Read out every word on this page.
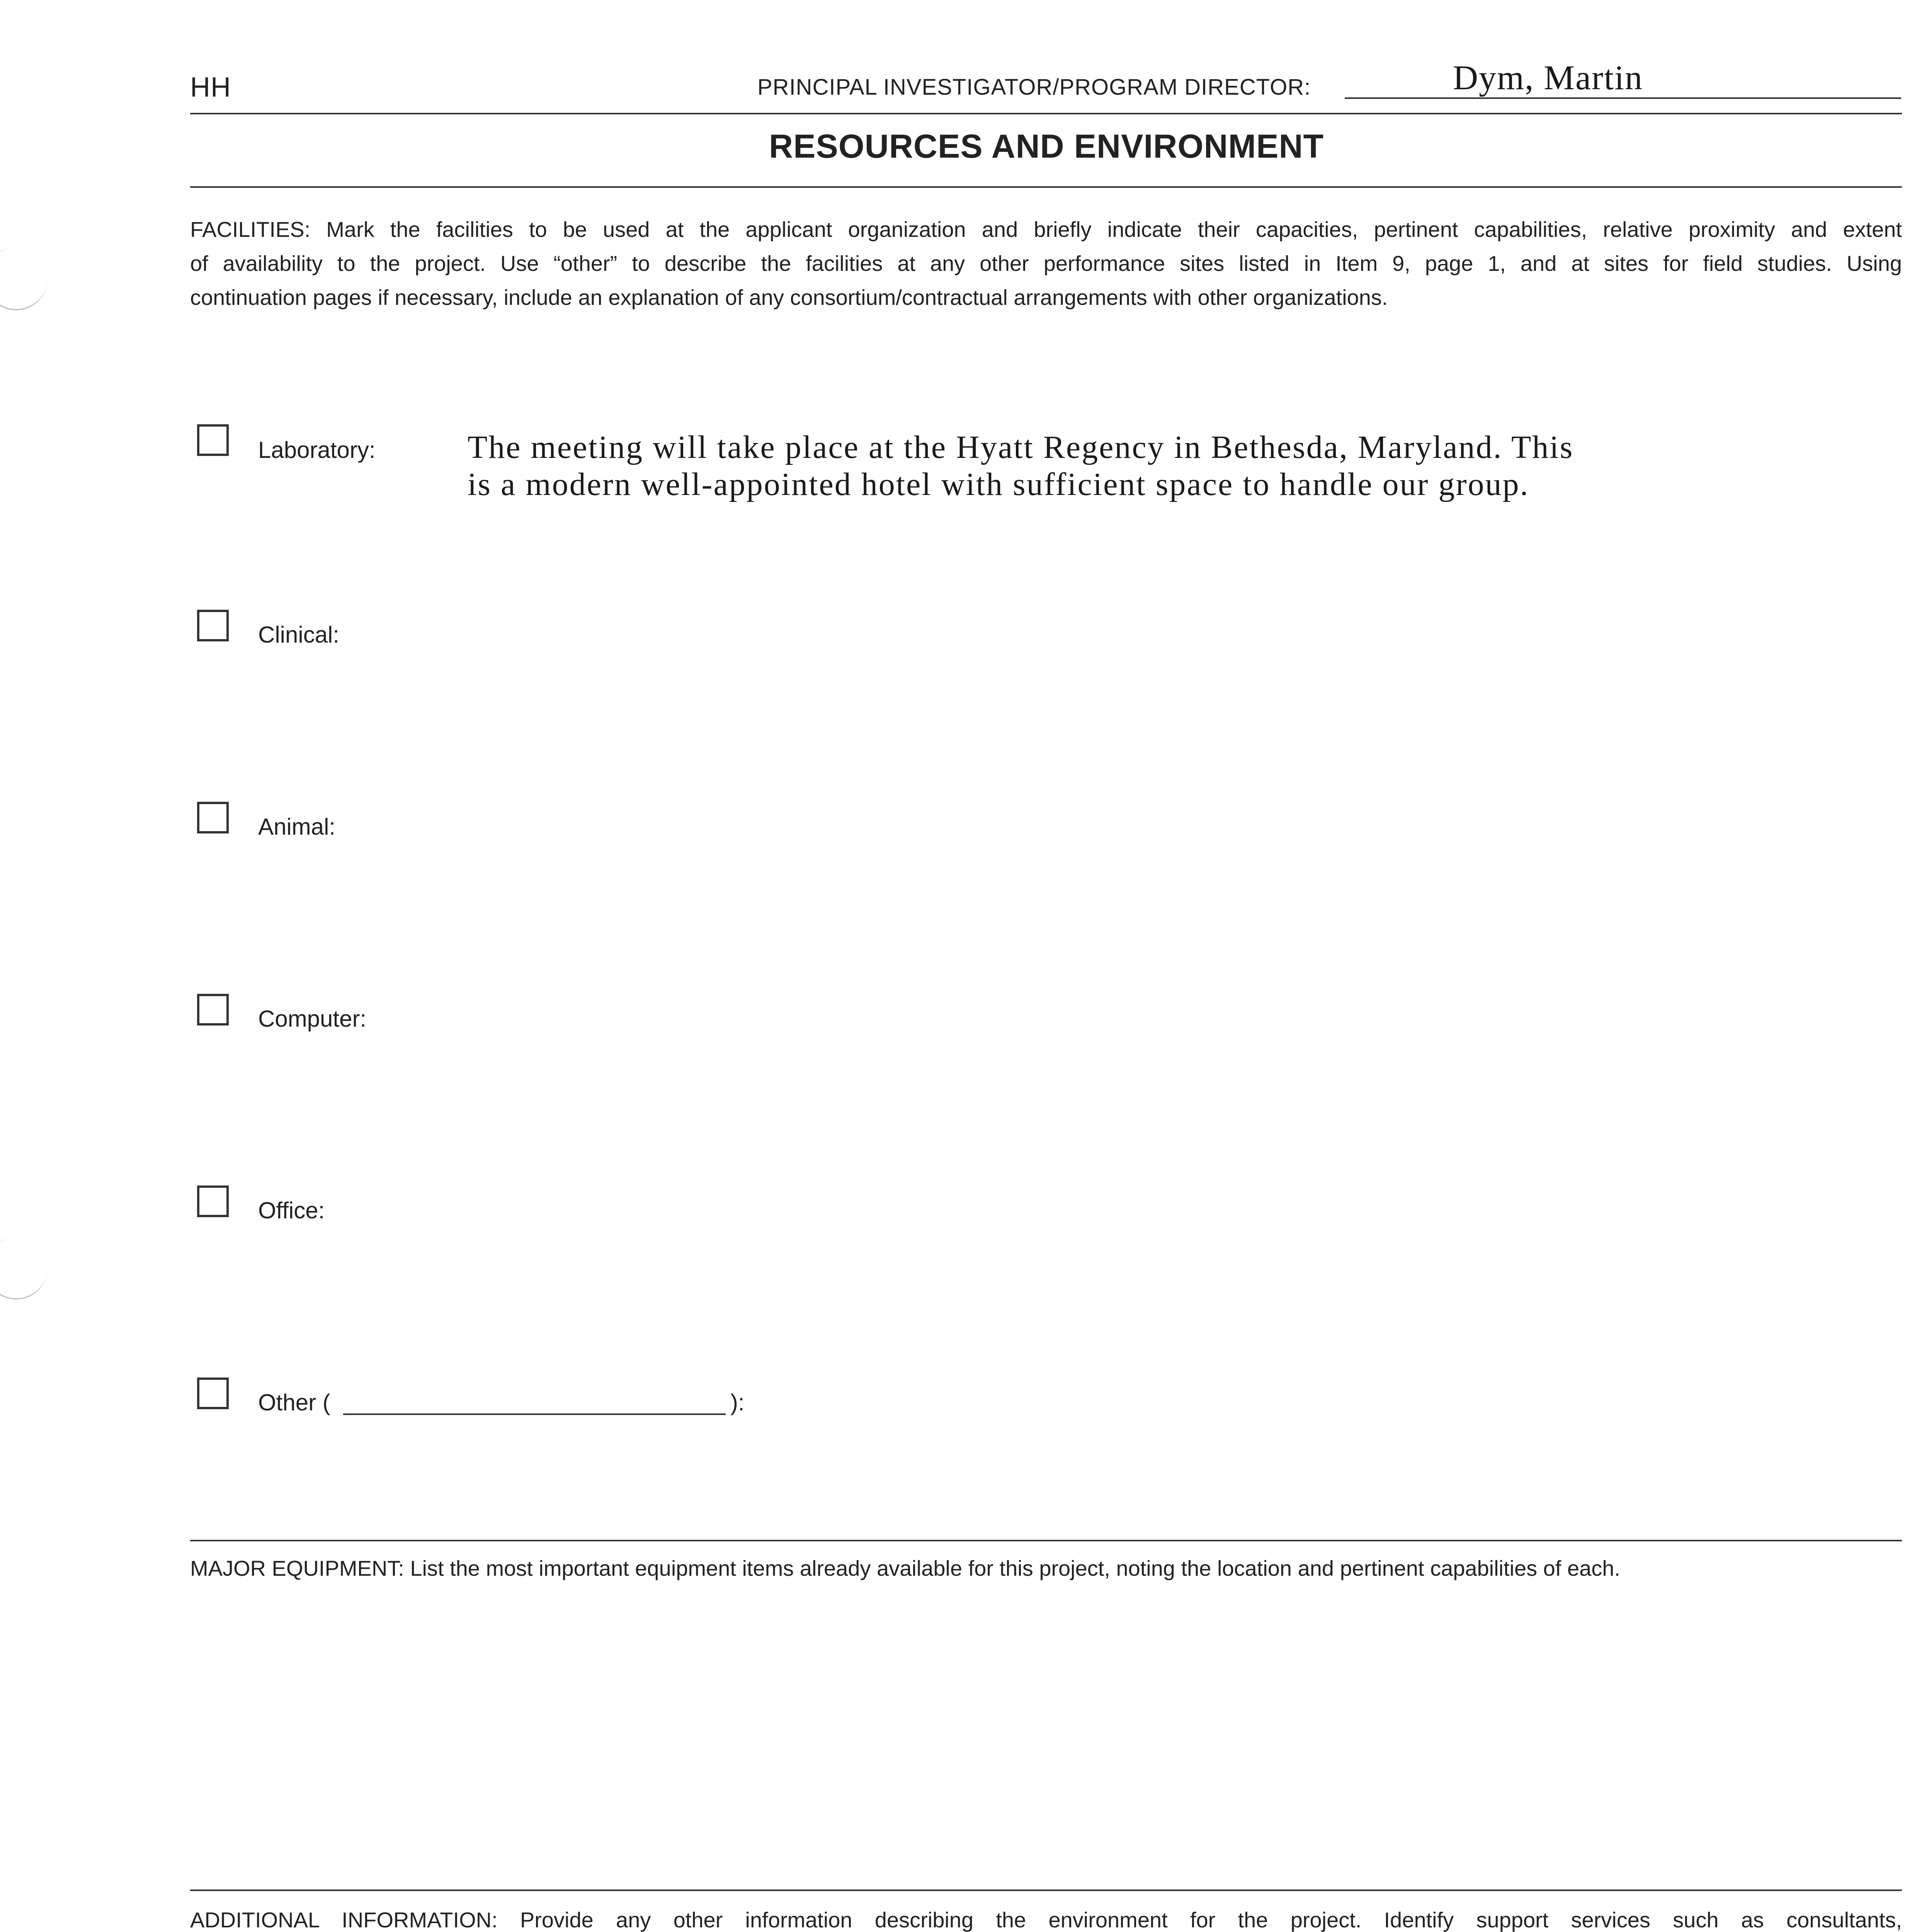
HH	PRINCIPAL INVESTIGATOR/PROGRAM DIRECTOR:	Dym, Martin
RESOURCES AND ENVIRONMENT
FACILITIES: Mark the facilities to be used at the applicant organization and briefly indicate their capacities, pertinent capabilities, relative proximity and extent
of availability to the project. Use “other” to describe the facilities at any other performance sites listed in Item 9, page 1, and at sites for field studies. Using
continuation pages if necessary, include an explanation of any consortium/contractual arrangements with other organizations.
Laboratory:	The meeting will take place at the Hyatt Regency in Bethesda, Maryland. This
is a modern well-appointed hotel with sufficient space to handle our group.
Clinical:
Animal:
Computer:
Office:
Other (	):
MAJOR EQUIPMENT: List the most important equipment items already available for this project, noting the location and pertinent capabilities of each.
ADDITIONAL INFORMATION: Provide any other information describing the environment for the project. Identify support services such as consultants,
